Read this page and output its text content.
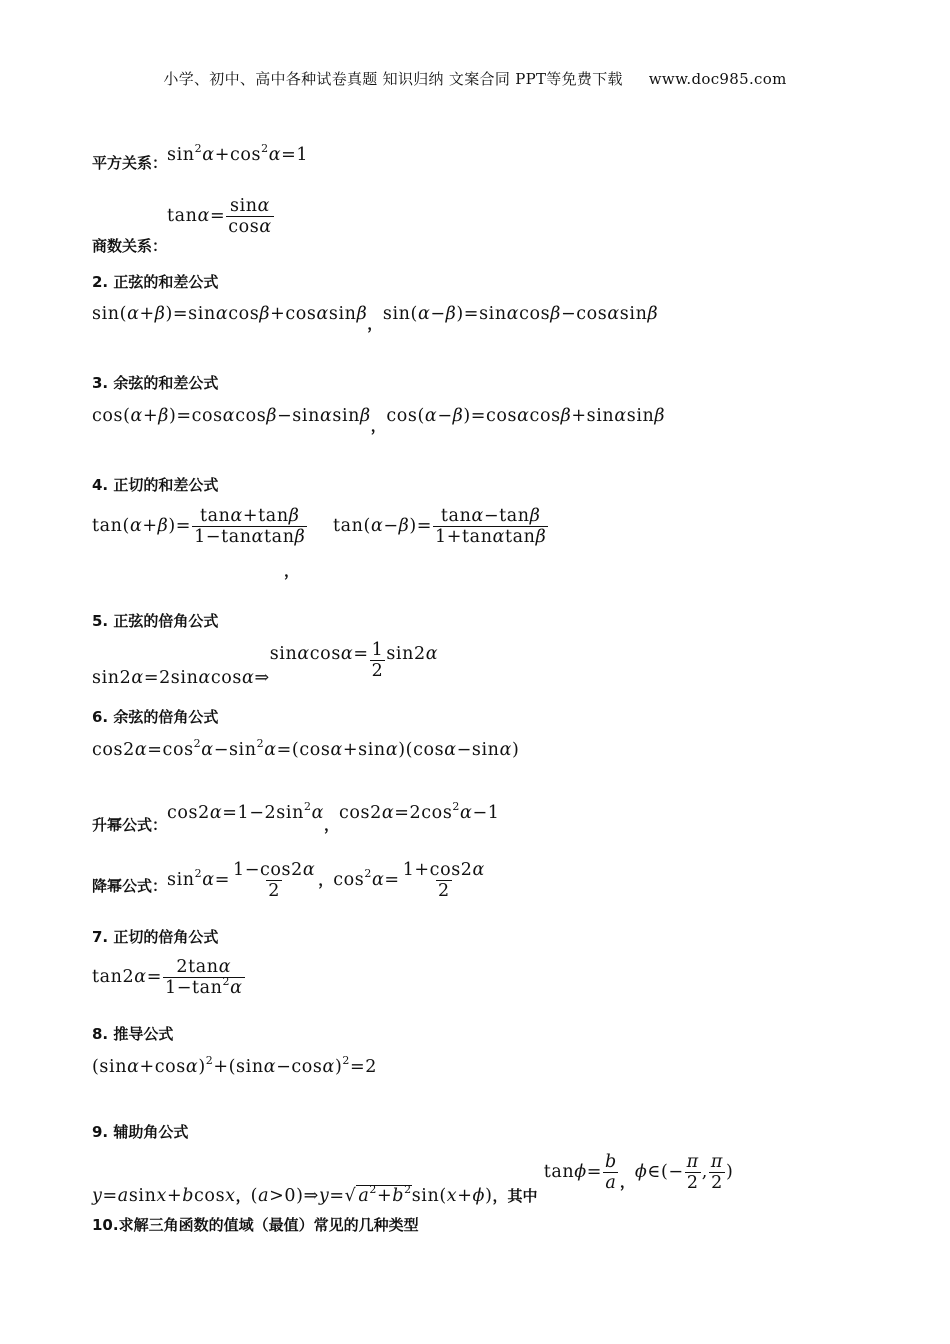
小学、初中、高中各种试卷真题 知识归纳 文案合同 PPT等免费下载 www.doc985.com
平方关系：$\sin^2\alpha+\cos^2\alpha=1$
商数关系：$\tan\alpha= \frac{\sin\alpha}{\cos\alpha}$
2. 正弦的和差公式
sin(α+β)=sinαcosβ+cosαsinβ，sin(α−β)=sinαcosβ−cosαsinβ
3. 余弦的和差公式
cos(α+β)=cosαcosβ−sinαsinβ，cos(α−β)=cosαcosβ+sinαsinβ
4. 正切的和差公式
$\tan(\alpha+\beta)= \frac{\tan\alpha+\tan\beta}{1-\tan\alpha\tan\beta} \tan(\alpha-\beta)= \frac{\tan\alpha-\tan\beta}{1+\tan\alpha\tan\beta}$
，
5. 正弦的倍角公式
sin2α=2sinαcosα⇒sinαcosα= $\frac{1}{2} \sin 2\alpha$
6. 余弦的倍角公式
$\cos 2\alpha=\cos^2\alpha-\sin^2\alpha=(\cos\alpha+\sin\alpha)(\cos\alpha-\sin\alpha)$
升幂公式：$\cos 2\alpha=1-2\sin^2\alpha$，$\cos 2\alpha=2\cos^2\alpha-1$
降幂公式：$\sin^2\alpha= \frac{1-\cos 2\alpha}{2}$ ，$\cos^2\alpha= \frac{1+\cos 2\alpha}{2}$
7. 正切的倍角公式
$\tan 2\alpha= \frac{2\tan\alpha}{1-\tan^2\alpha}$
8. 推导公式
$(\sin\alpha+\cos\alpha)^2+(\sin\alpha-\cos\alpha)^2=2$
9. 辅助角公式
y=asinx+bcosx，(a>0)⇒y=√ $a^2+b^2\sin(x+\phi)$，其中 $\tan\phi= \frac{b}{a}$ ，ϕ∈(− $\frac{\pi}{2}$ , $\frac{\pi}{2}$ )
10.求解三角函数的值域（最值）常见的几种类型
